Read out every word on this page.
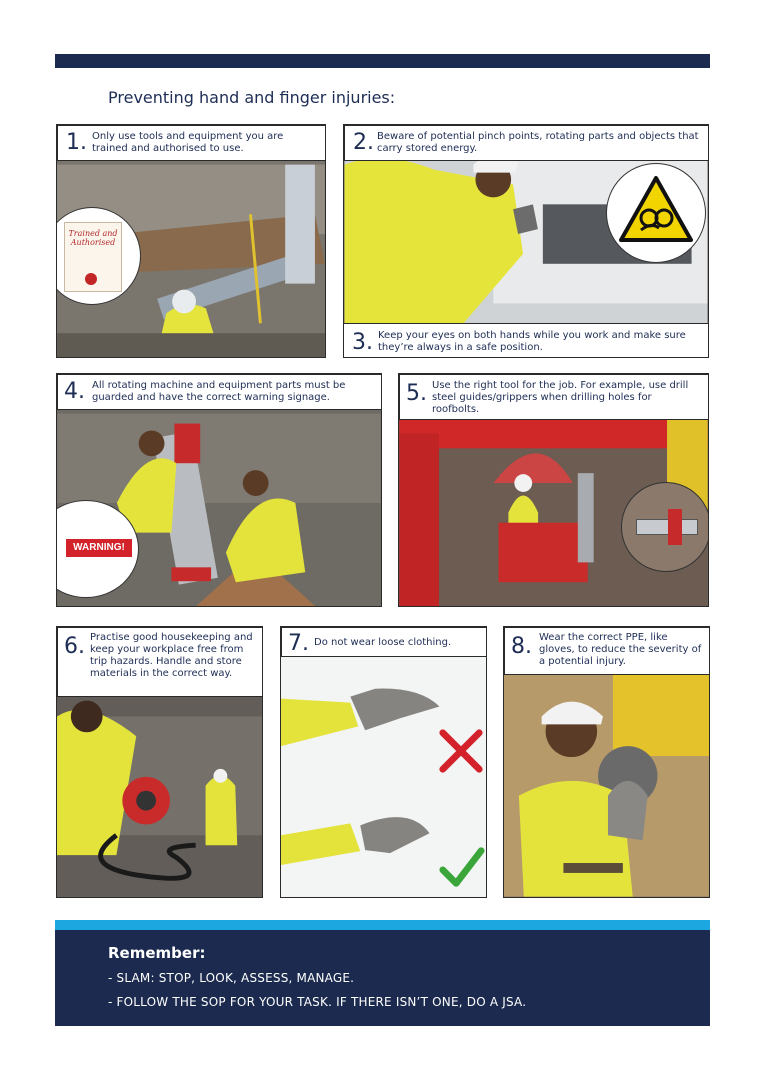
Preventing hand and finger injuries:
1. Only use tools and equipment you are trained and authorised to use.
Trained and Authorised
2. Beware of potential pinch points, rotating parts and objects that carry stored energy.
3. Keep your eyes on both hands while you work and make sure they’re always in a safe position.
4. All rotating machine and equipment parts must be guarded and have the correct warning signage.
WARNING!
5. Use the right tool for the job. For example, use drill steel guides/grippers when drilling holes for roofbolts.
6. Practise good housekeeping and keep your workplace free from trip hazards. Handle and store materials in the correct way.
7. Do not wear loose clothing.	8. Wear the correct PPE, like gloves, to reduce the severity of a potential injury.
Remember:
- SLAM: STOP, LOOK, ASSESS, MANAGE.
- FOLLOW THE SOP FOR YOUR TASK. IF THERE ISN’T ONE, DO A JSA.
